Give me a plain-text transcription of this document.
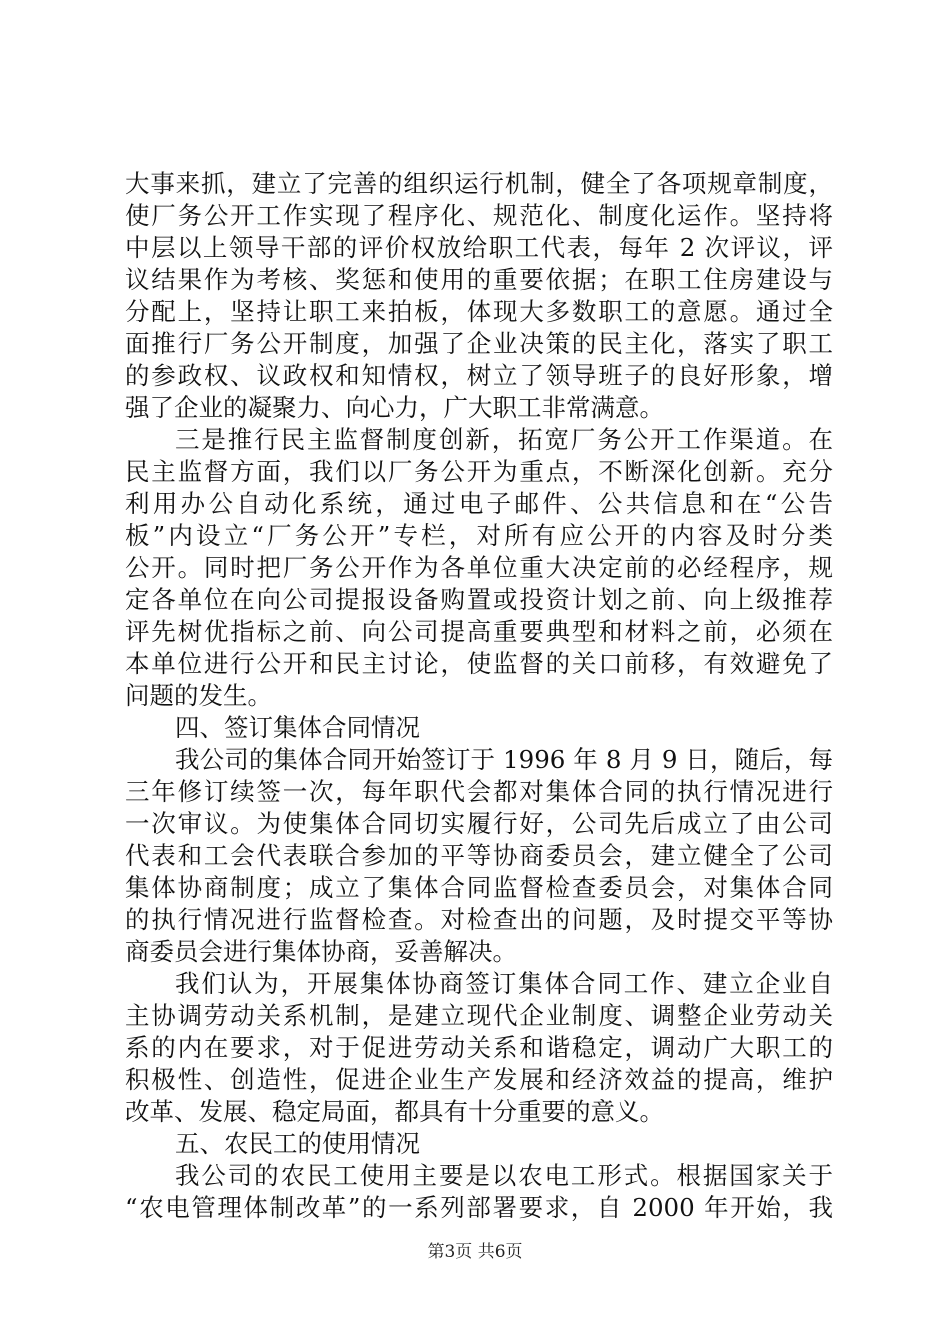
大事来抓，建立了完善的组织运行机制，健全了各项规章制度，
使厂务公开工作实现了程序化、规范化、制度化运作。坚持将
中层以上领导干部的评价权放给职工代表，每年 2 次评议，评
议结果作为考核、奖惩和使用的重要依据；在职工住房建设与
分配上，坚持让职工来拍板，体现大多数职工的意愿。通过全
面推行厂务公开制度，加强了企业决策的民主化，落实了职工
的参政权、议政权和知情权，树立了领导班子的良好形象，增
强了企业的凝聚力、向心力，广大职工非常满意。
三是推行民主监督制度创新，拓宽厂务公开工作渠道。在
民主监督方面，我们以厂务公开为重点，不断深化创新。充分
利用办公自动化系统，通过电子邮件、公共信息和在“公告
板”内设立“厂务公开”专栏，对所有应公开的内容及时分类
公开。同时把厂务公开作为各单位重大决定前的必经程序，规
定各单位在向公司提报设备购置或投资计划之前、向上级推荐
评先树优指标之前、向公司提高重要典型和材料之前，必须在
本单位进行公开和民主讨论，使监督的关口前移，有效避免了
问题的发生。
四、签订集体合同情况
我公司的集体合同开始签订于 1996 年 8 月 9 日，随后，每
三年修订续签一次，每年职代会都对集体合同的执行情况进行
一次审议。为使集体合同切实履行好，公司先后成立了由公司
代表和工会代表联合参加的平等协商委员会，建立健全了公司
集体协商制度；成立了集体合同监督检查委员会，对集体合同
的执行情况进行监督检查。对检查出的问题，及时提交平等协
商委员会进行集体协商，妥善解决。
我们认为，开展集体协商签订集体合同工作、建立企业自
主协调劳动关系机制，是建立现代企业制度、调整企业劳动关
系的内在要求，对于促进劳动关系和谐稳定，调动广大职工的
积极性、创造性，促进企业生产发展和经济效益的提高，维护
改革、发展、稳定局面，都具有十分重要的意义。
五、农民工的使用情况
我公司的农民工使用主要是以农电工形式。根据国家关于
“农电管理体制改革”的一系列部署要求，自 2000 年开始，我
第3页 共6页
